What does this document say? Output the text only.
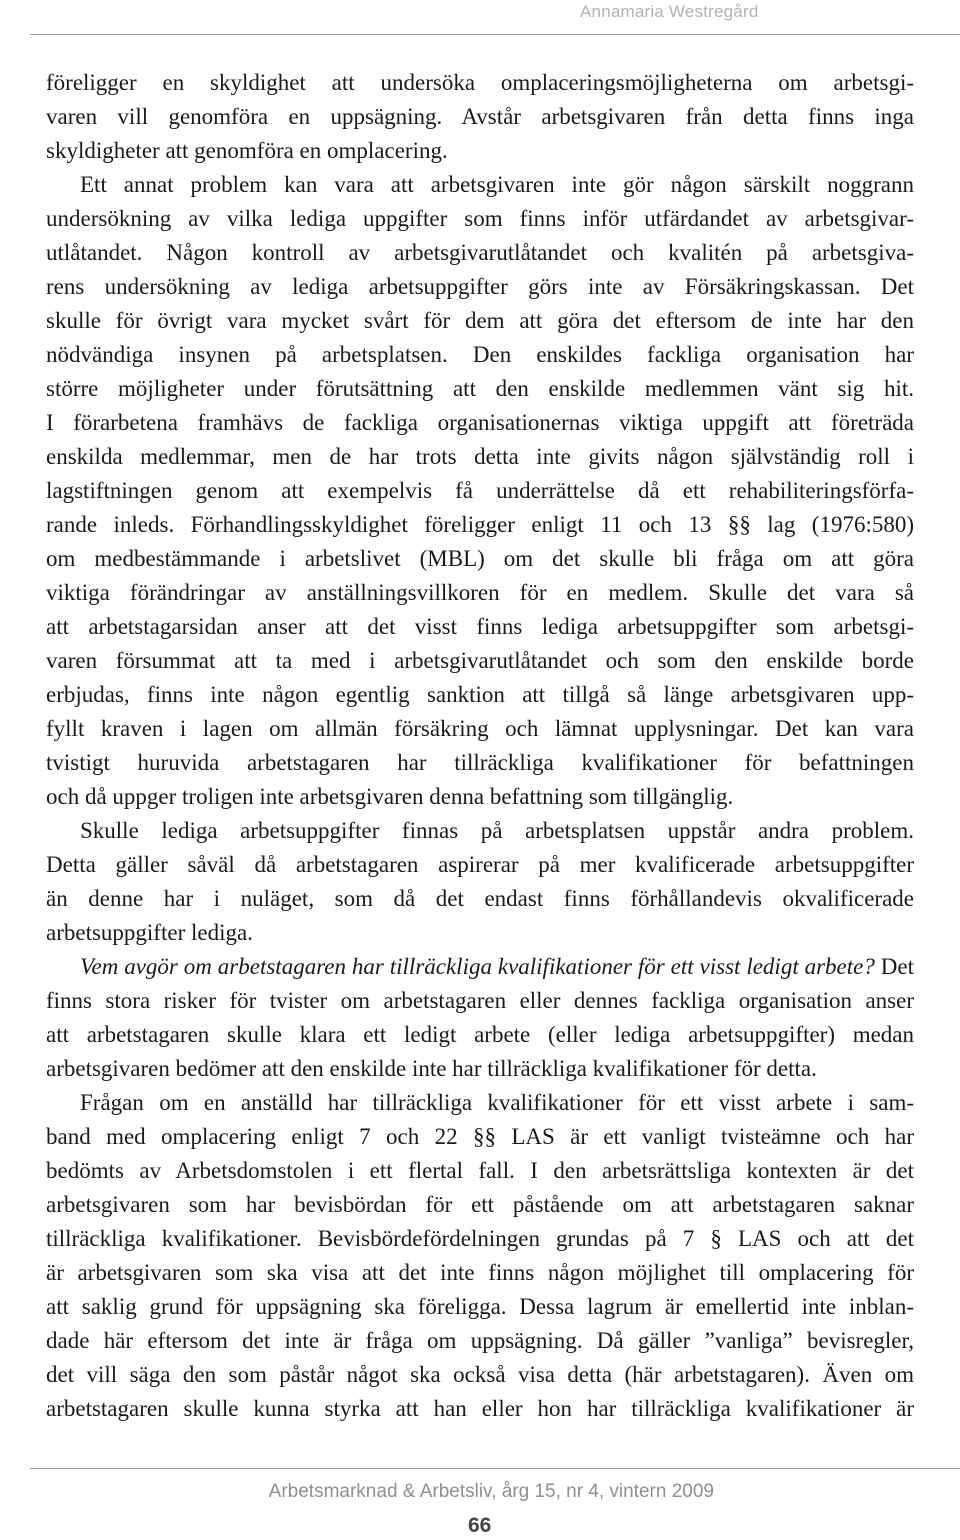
Annamaria Westregård
föreligger en skyldighet att undersöka omplaceringsmöjligheterna om arbetsgi-
varen vill genomföra en uppsägning. Avstår arbetsgivaren från detta finns inga
skyldigheter att genomföra en omplacering.
Ett annat problem kan vara att arbetsgivaren inte gör någon särskilt noggrann
undersökning av vilka lediga uppgifter som finns inför utfärdandet av arbetsgivar-
utlåtandet. Någon kontroll av arbetsgivarutlåtandet och kvalitén på arbetsgiva-
rens undersökning av lediga arbetsuppgifter görs inte av Försäkringskassan. Det
skulle för övrigt vara mycket svårt för dem att göra det eftersom de inte har den
nödvändiga insynen på arbetsplatsen. Den enskildes fackliga organisation har
större möjligheter under förutsättning att den enskilde medlemmen vänt sig hit.
I förarbetena framhävs de fackliga organisationernas viktiga uppgift att företräda
enskilda medlemmar, men de har trots detta inte givits någon självständig roll i
lagstiftningen genom att exempelvis få underrättelse då ett rehabiliteringsförfa-
rande inleds. Förhandlingsskyldighet föreligger enligt 11 och 13 §§ lag (1976:580)
om medbestämmande i arbetslivet (MBL) om det skulle bli fråga om att göra
viktiga förändringar av anställningsvillkoren för en medlem. Skulle det vara så
att arbetstagarsidan anser att det visst finns lediga arbetsuppgifter som arbetsgi-
varen försummat att ta med i arbetsgivarutlåtandet och som den enskilde borde
erbjudas, finns inte någon egentlig sanktion att tillgå så länge arbetsgivaren upp-
fyllt kraven i lagen om allmän försäkring och lämnat upplysningar. Det kan vara
tvistigt huruvida arbetstagaren har tillräckliga kvalifikationer för befattningen
och då uppger troligen inte arbetsgivaren denna befattning som tillgänglig.
Skulle lediga arbetsuppgifter finnas på arbetsplatsen uppstår andra problem.
Detta gäller såväl då arbetstagaren aspirerar på mer kvalificerade arbetsuppgifter
än denne har i nuläget, som då det endast finns förhållandevis okvalificerade
arbetsuppgifter lediga.
Vem avgör om arbetstagaren har tillräckliga kvalifikationer för ett visst ledigt arbete? Det
finns stora risker för tvister om arbetstagaren eller dennes fackliga organisation anser
att arbetstagaren skulle klara ett ledigt arbete (eller lediga arbetsuppgifter) medan
arbetsgivaren bedömer att den enskilde inte har tillräckliga kvalifikationer för detta.
Frågan om en anställd har tillräckliga kvalifikationer för ett visst arbete i sam-
band med omplacering enligt 7 och 22 §§ LAS är ett vanligt tvisteämne och har
bedömts av Arbetsdomstolen i ett flertal fall. I den arbetsrättsliga kontexten är det
arbetsgivaren som har bevisbördan för ett påstående om att arbetstagaren saknar
tillräckliga kvalifikationer. Bevisbördefördelningen grundas på 7 § LAS och att det
är arbetsgivaren som ska visa att det inte finns någon möjlighet till omplacering för
att saklig grund för uppsägning ska föreligga. Dessa lagrum är emellertid inte inblan-
dade här eftersom det inte är fråga om uppsägning. Då gäller ”vanliga” bevisregler,
det vill säga den som påstår något ska också visa detta (här arbetstagaren). Även om
arbetstagaren skulle kunna styrka att han eller hon har tillräckliga kvalifikationer är
Arbetsmarknad & Arbetsliv, årg 15, nr 4, vintern 2009
66
